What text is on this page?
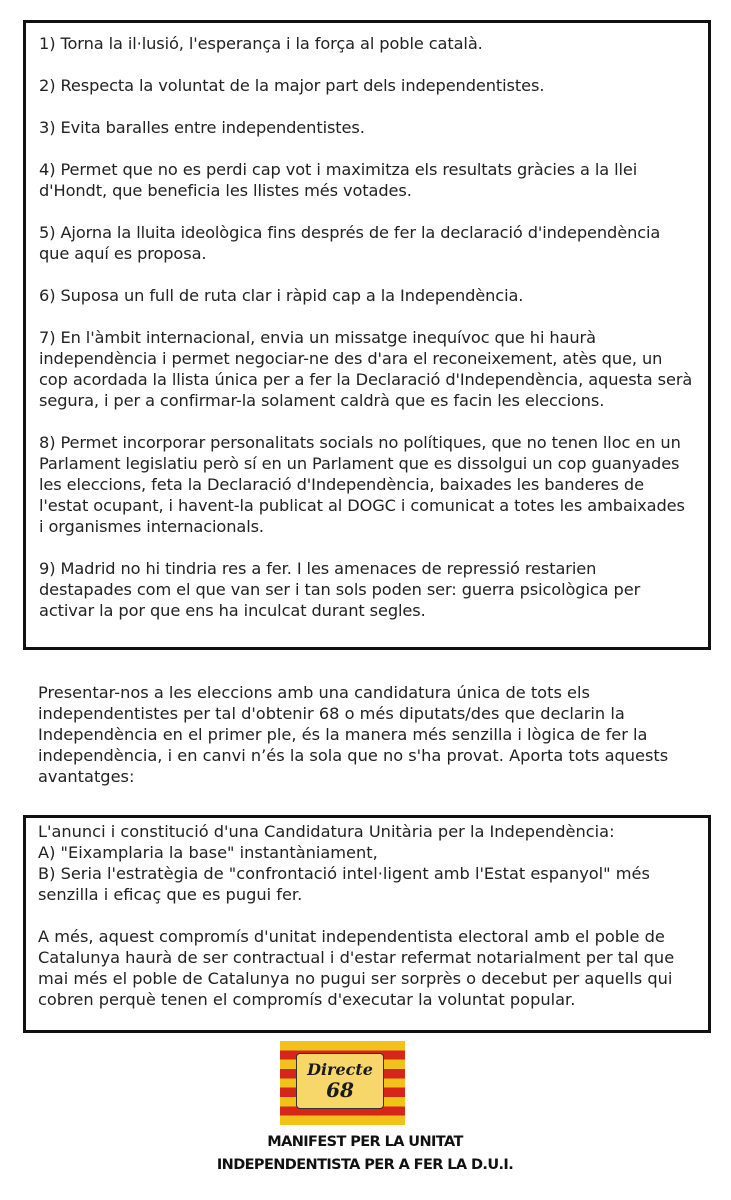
1) Torna la il·lusió, l'esperança i la força al poble català.

2) Respecta la voluntat de la major part dels independentistes.

3) Evita baralles entre independentistes.

4) Permet que no es perdi cap vot i maximitza els resultats gràcies a la llei d'Hondt, que beneficia les llistes més votades.

5) Ajorna la lluita ideològica fins després de fer la declaració d'independència que aquí es proposa.

6) Suposa un full de ruta clar i ràpid cap a la Independència.

7) En l'àmbit internacional, envia un missatge inequívoc que hi haurà independència i permet negociar-ne des d'ara el reconeixement, atès que, un cop acordada la llista única per a fer la Declaració d'Independència, aquesta serà segura, i per a confirmar-la solament caldrà que es facin les eleccions.

8) Permet incorporar personalitats socials no polítiques, que no tenen lloc en un Parlament legislatiu però sí en un Parlament que es dissolgui un cop guanyades les eleccions, feta la Declaració d'Independència, baixades les banderes de l'estat ocupant, i havent-la publicat al DOGC i comunicat a totes les ambaixades i organismes internacionals.

9) Madrid no hi tindria res a fer. I les amenaces de repressió restarien destapades com el que van ser i tan sols poden ser: guerra psicològica per activar la por que ens ha inculcat durant segles.

Presentar-nos a les eleccions amb una candidatura única de tots els independentistes per tal d'obtenir 68 o més diputats/des que declarin la Independència en el primer ple, és la manera més senzilla i lògica de fer la independència, i en canvi n’és la sola que no s'ha provat. Aporta tots aquests avantatges:

L'anunci i constitució d'una Candidatura Unitària per la Independència:

A) "Eixamplaria la base" instantàniament,

B) Seria l'estratègia de "confrontació intel·ligent amb l'Estat espanyol" més senzilla i eficaç que es pugui fer.

A més, aquest compromís d'unitat independentista electoral amb el poble de Catalunya haurà de ser contractual i d'estar refermat notarialment per tal que mai més el poble de Catalunya no pugui ser sorprès o decebut per aquells qui cobren perquè tenen el compromís d'executar la voluntat popular.

Directe
68
MANIFEST PER LA UNITAT
INDEPENDENTISTA PER A FER LA D.U.I.
